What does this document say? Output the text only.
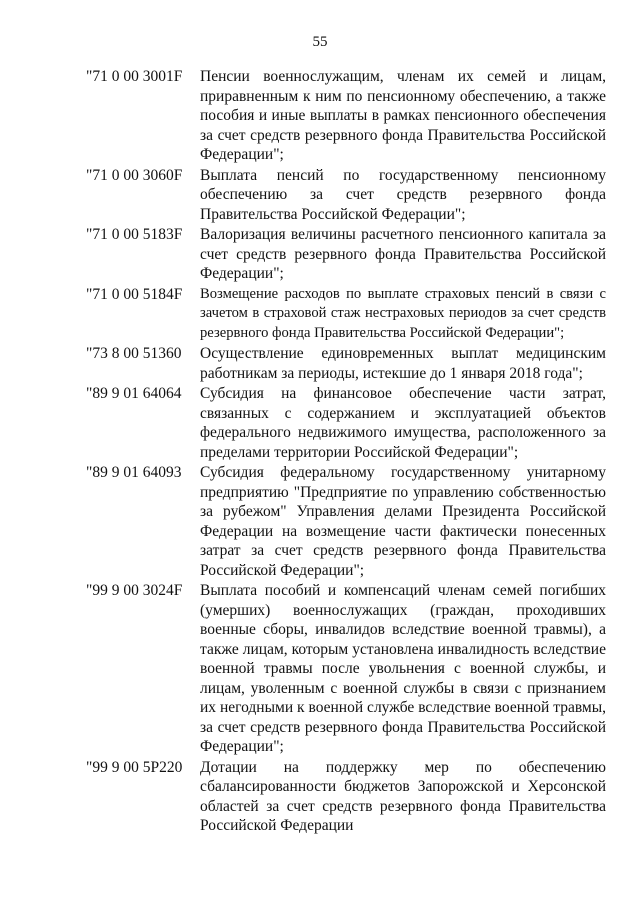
55
"71 0 00 3001F	Пенсии военнослужащим, членам их семей и лицам, приравненным к ним по пенсионному обеспечению, а также пособия и иные выплаты в рамках пенсионного обеспечения за счет средств резервного фонда Правительства Российской Федерации";
"71 0 00 3060F	Выплата пенсий по государственному пенсионному обеспечению за счет средств резервного фонда Правительства Российской Федерации";
"71 0 00 5183F	Валоризация величины расчетного пенсионного капитала за счет средств резервного фонда Правительства Российской Федерации";
"71 0 00 5184F	Возмещение расходов по выплате страховых пенсий в связи с зачетом в страховой стаж нестраховых периодов за счет средств резервного фонда Правительства Российской Федерации";
"73 8 00 51360	Осуществление единовременных выплат медицинским работникам за периоды, истекшие до 1 января 2018 года";
"89 9 01 64064	Субсидия на финансовое обеспечение части затрат, связанных с содержанием и эксплуатацией объектов федерального недвижимого имущества, расположенного за пределами территории Российской Федерации";
"89 9 01 64093	Субсидия федеральному государственному унитарному предприятию "Предприятие по управлению собственностью за рубежом" Управления делами Президента Российской Федерации на возмещение части фактически понесенных затрат за счет средств резервного фонда Правительства Российской Федерации";
"99 9 00 3024F	Выплата пособий и компенсаций членам семей погибших (умерших) военнослужащих (граждан, проходивших военные сборы, инвалидов вследствие военной травмы), а также лицам, которым установлена инвалидность вследствие военной травмы после увольнения с военной службы, и лицам, уволенным с военной службы в связи с признанием их негодными к военной службе вследствие военной травмы, за счет средств резервного фонда Правительства Российской Федерации";
"99 9 00 5P220	Дотации на поддержку мер по обеспечению сбалансированности бюджетов Запорожской и Херсонской областей за счет средств резервного фонда Правительства Российской Федерации
